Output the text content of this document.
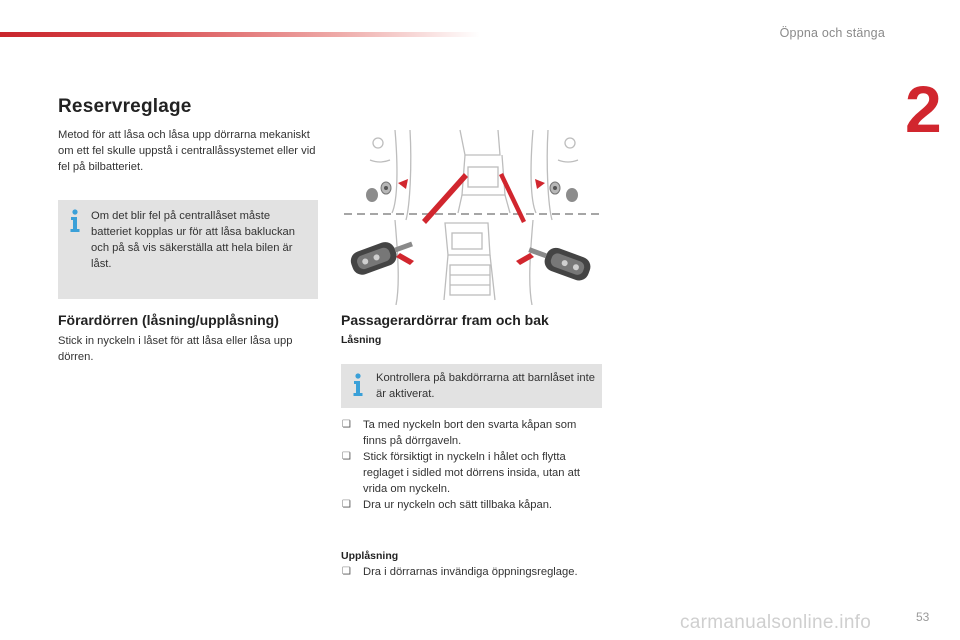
Öppna och stänga
2
Reservreglage

Metod för att låsa och låsa upp dörrarna mekaniskt om ett fel skulle uppstå i centrallåssystemet eller vid fel på bilbatteriet.

Om det blir fel på centrallåset måste batteriet kopplas ur för att låsa bakluckan och på så vis säkerställa att hela bilen är låst.

Förardörren (låsning/upplåsning)

Stick in nyckeln i låset för att låsa eller låsa upp dörren.

Passagerardörrar fram och bak
Låsning

Kontrollera på bakdörrarna att barnlåset inte är aktiverat.

❏ Ta med nyckeln bort den svarta kåpan som finns på dörrgaveln.
❏ Stick försiktigt in nyckeln i hålet och flytta reglaget i sidled mot dörrens insida, utan att vrida om nyckeln.
❏ Dra ur nyckeln och sätt tillbaka kåpan.
Upplåsning
❏ Dra i dörrarnas invändiga öppningsreglage.
carmanualsonline.info	53
